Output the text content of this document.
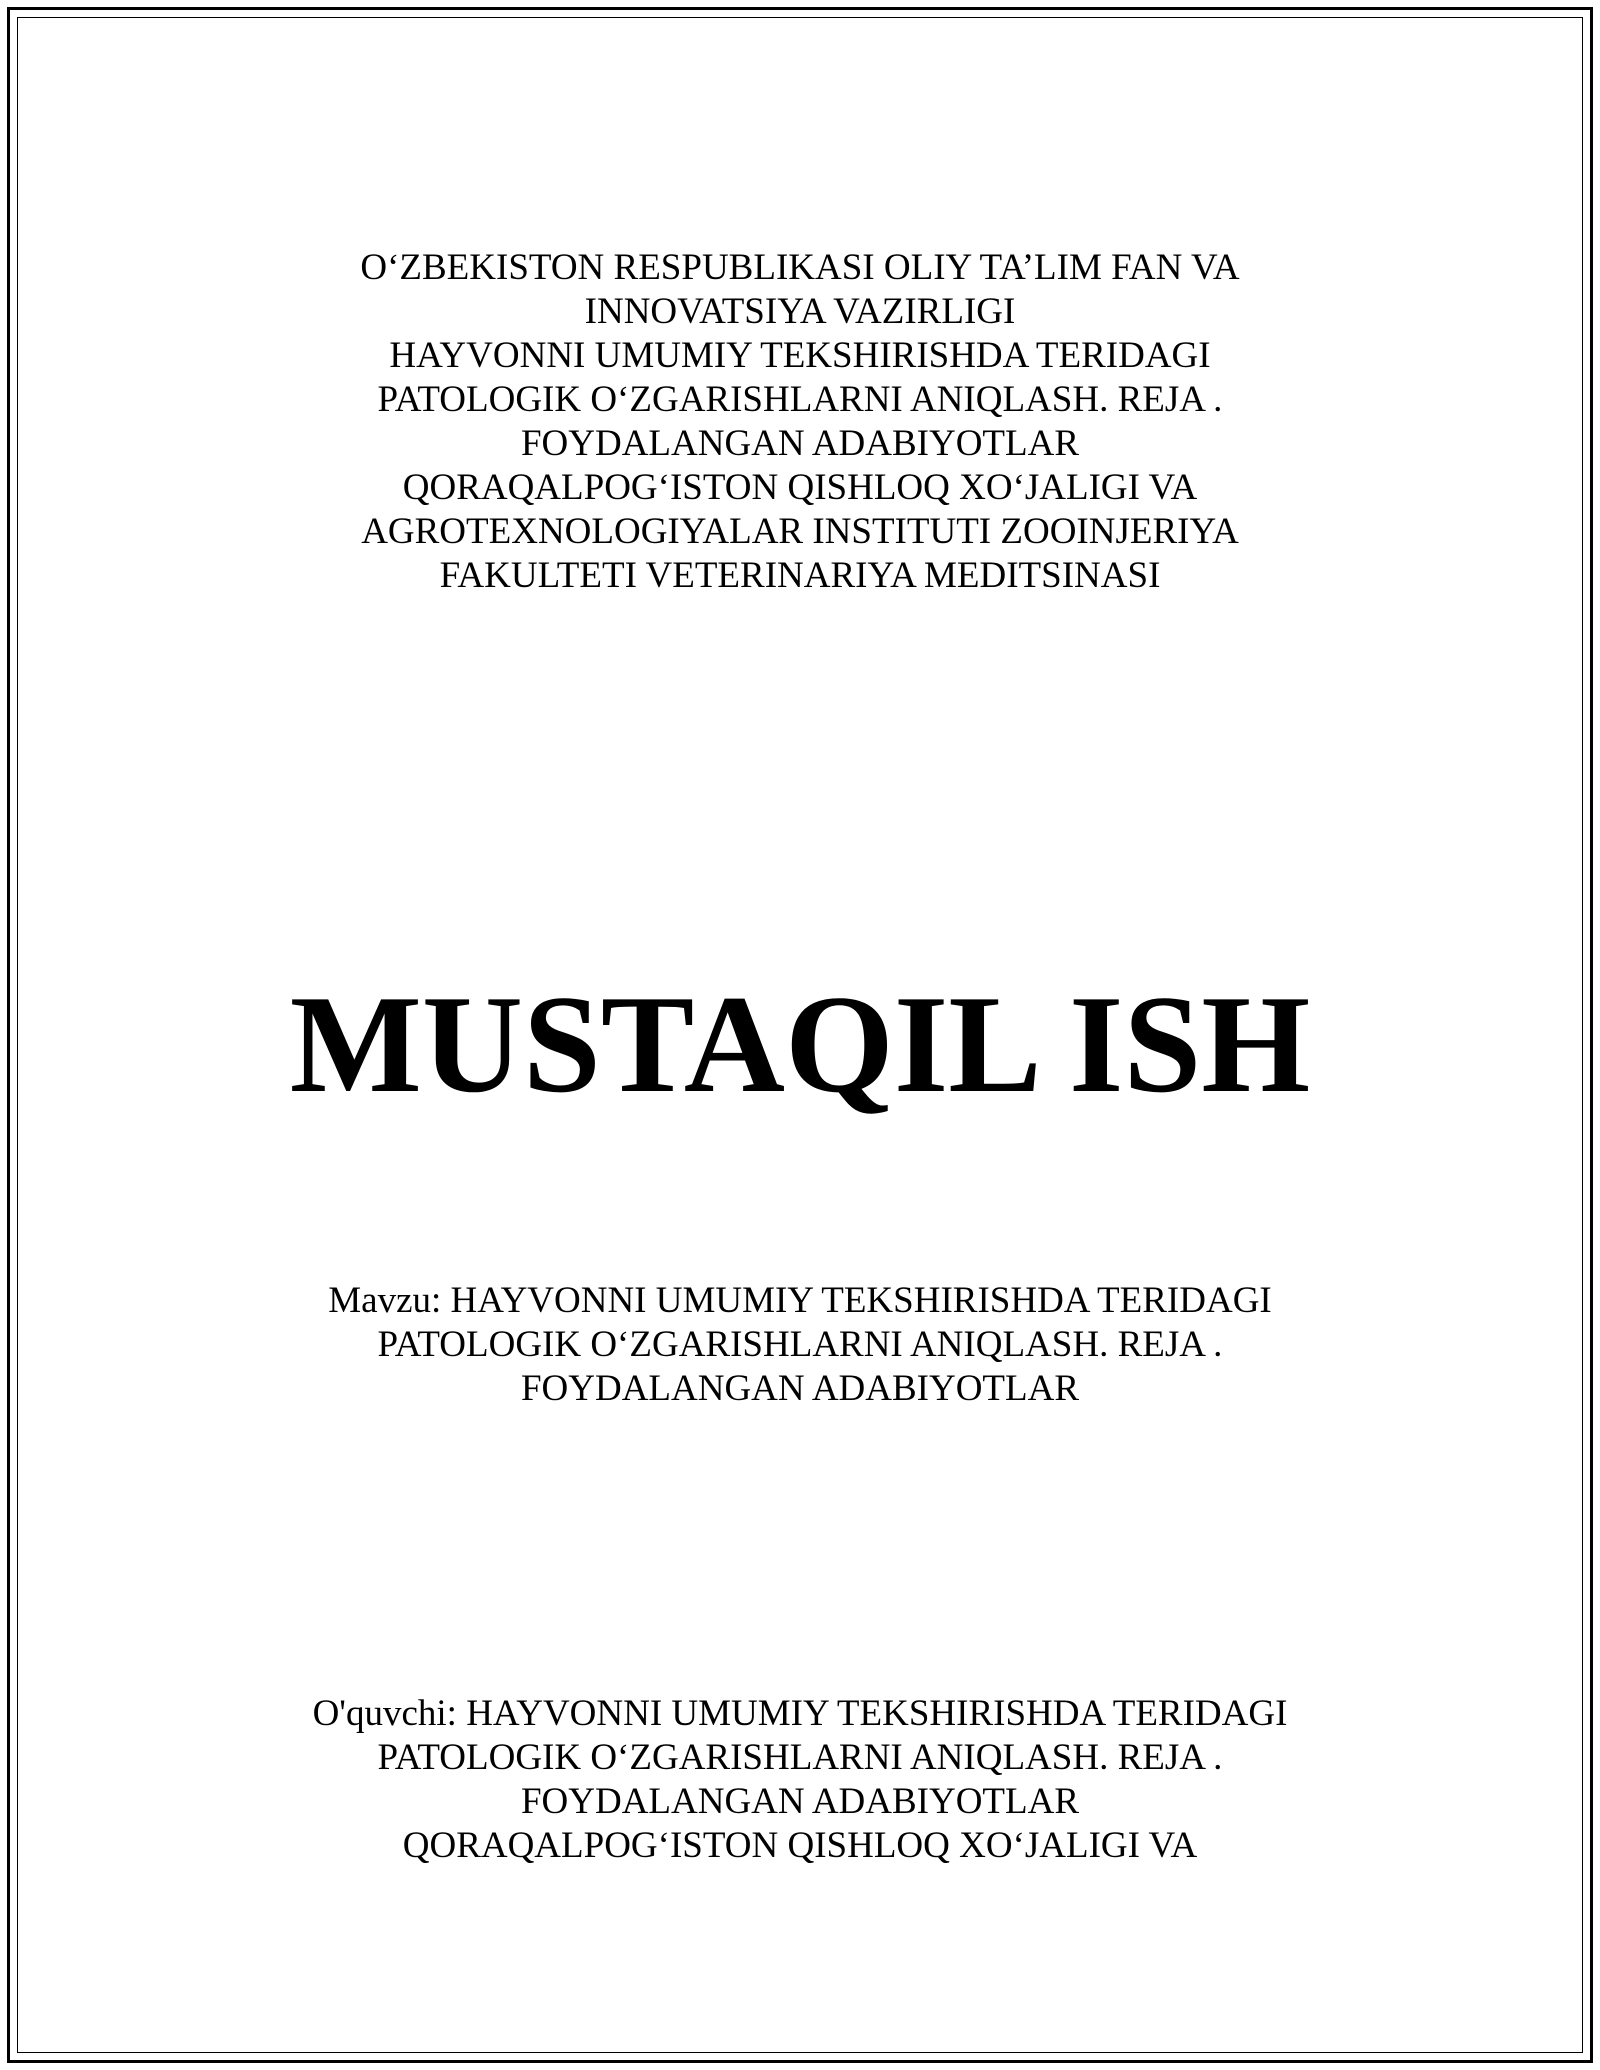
O‘ZBEKISTON RESPUBLIKASI OLIY TA’LIM FAN VA
INNOVATSIYA VAZIRLIGI
HAYVONNI UMUMIY TEKSHIRISHDA TERIDAGI
PATOLOGIK O‘ZGARISHLARNI ANIQLASH. REJA .
FOYDALANGAN ADABIYOTLAR
QORAQALPOG‘ISTON QISHLOQ XO‘JALIGI VA
AGROTEXNOLOGIYALAR INSTITUTI ZOOINJERIYA
FAKULTETI VETERINARIYA MEDITSINASI
MUSTAQIL ISH
Mavzu: HAYVONNI UMUMIY TEKSHIRISHDA TERIDAGI
PATOLOGIK O‘ZGARISHLARNI ANIQLASH. REJA .
FOYDALANGAN ADABIYOTLAR
O'quvchi: HAYVONNI UMUMIY TEKSHIRISHDA TERIDAGI
PATOLOGIK O‘ZGARISHLARNI ANIQLASH. REJA .
FOYDALANGAN ADABIYOTLAR
QORAQALPOG‘ISTON QISHLOQ XO‘JALIGI VA
